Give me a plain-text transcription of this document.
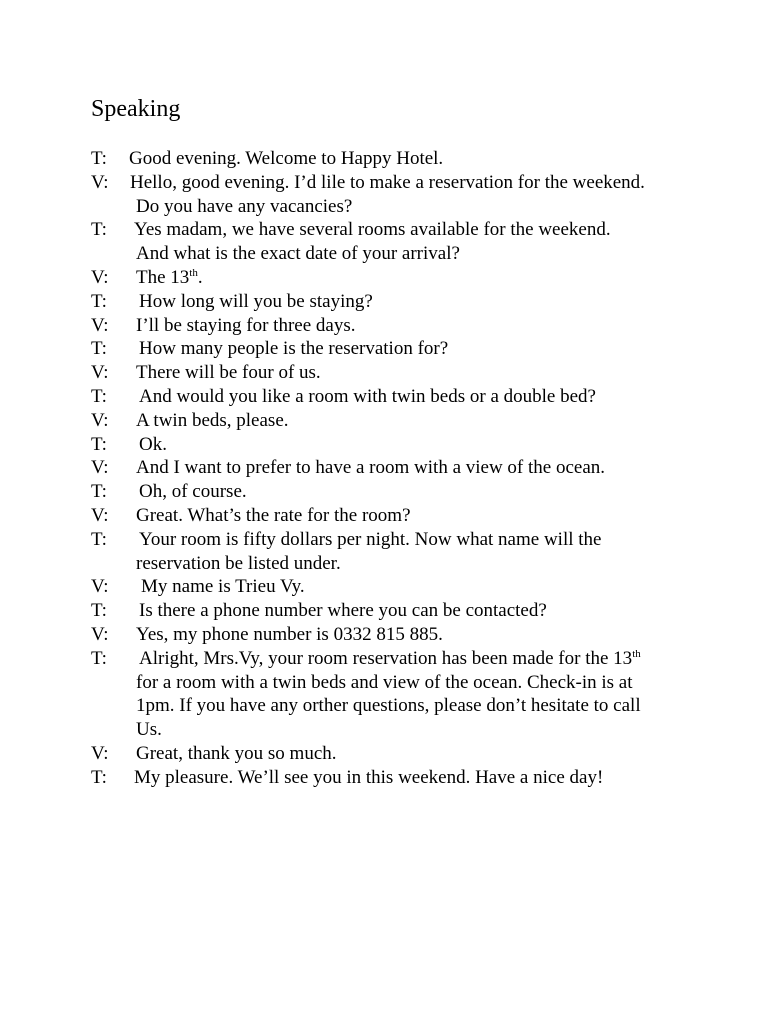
Speaking
T:	Good evening. Welcome to Happy Hotel.
V:	Hello, good evening. I’d lile to make a reservation for the weekend.
Do you have any vacancies?
T:	Yes madam, we have several rooms available for the weekend.
And what is the exact date of your arrival?
V:	The 13th.
T:	How long will you be staying?
V:	I’ll be staying for three days.
T:	How many people is the reservation for?
V:	There will be four of us.
T:	And would you like a room with twin beds or a double bed?
V:	A twin beds, please.
T:	Ok.
V:	And I want to prefer to have a room with a view of the ocean.
T:	Oh, of course.
V:	Great. What’s the rate for the room?
T:	Your room is fifty dollars per night. Now what name will the
reservation be listed under.
V:	My name is Trieu Vy.
T:	Is there a phone number where you can be contacted?
V:	Yes, my phone number is 0332 815 885.
T:	Alright, Mrs.Vy, your room reservation has been made for the 13th
for a room with a twin beds and view of the ocean. Check-in is at
1pm. If you have any orther questions, please don’t hesitate to call
Us.
V:	Great, thank you so much.
T:	My pleasure. We’ll see you in this weekend. Have a nice day!
